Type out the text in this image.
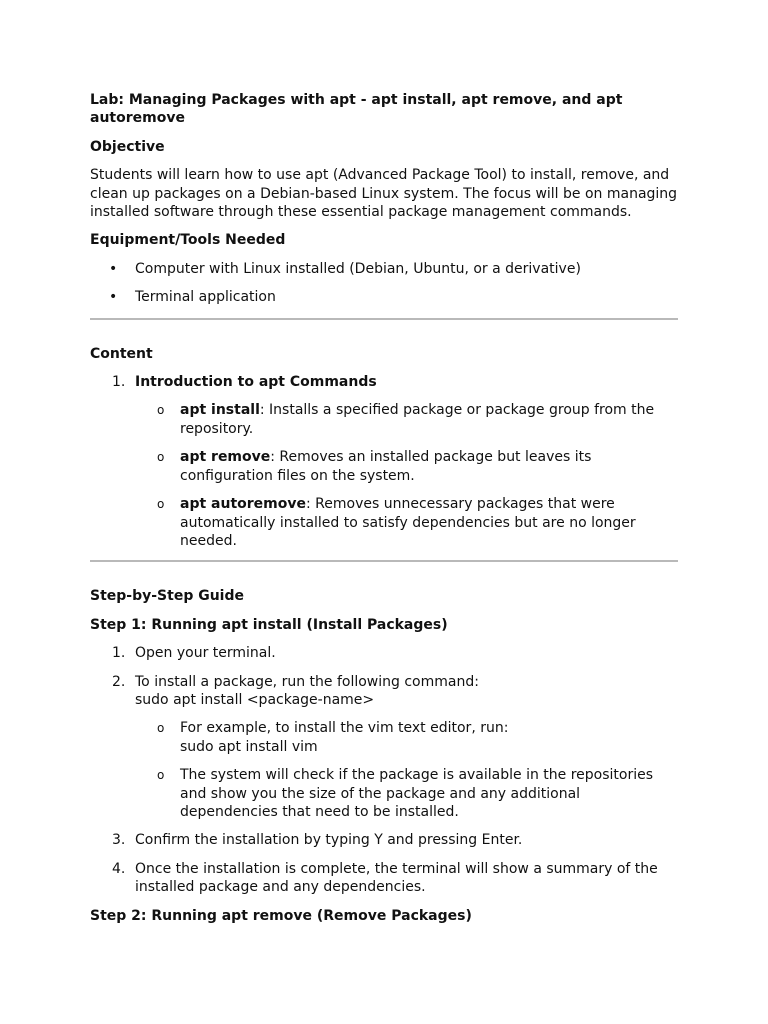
Lab: Managing Packages with apt - apt install, apt remove, and apt autoremove

Objective

Students will learn how to use apt (Advanced Package Tool) to install, remove, and clean up packages on a Debian-based Linux system. The focus will be on managing installed software through these essential package management commands.

Equipment/Tools Needed

• Computer with Linux installed (Debian, Ubuntu, or a derivative)
• Terminal application

Content

1. Introduction to apt Commands
o apt install: Installs a specified package or package group from the repository.
o apt remove: Removes an installed package but leaves its configuration files on the system.
o apt autoremove: Removes unnecessary packages that were automatically installed to satisfy dependencies but are no longer needed.

Step-by-Step Guide

Step 1: Running apt install (Install Packages)

1. Open your terminal.
2. To install a package, run the following command:
sudo apt install <package-name>
o For example, to install the vim text editor, run:
sudo apt install vim
o The system will check if the package is available in the repositories and show you the size of the package and any additional dependencies that need to be installed.
3. Confirm the installation by typing Y and pressing Enter.
4. Once the installation is complete, the terminal will show a summary of the installed package and any dependencies.

Step 2: Running apt remove (Remove Packages)
